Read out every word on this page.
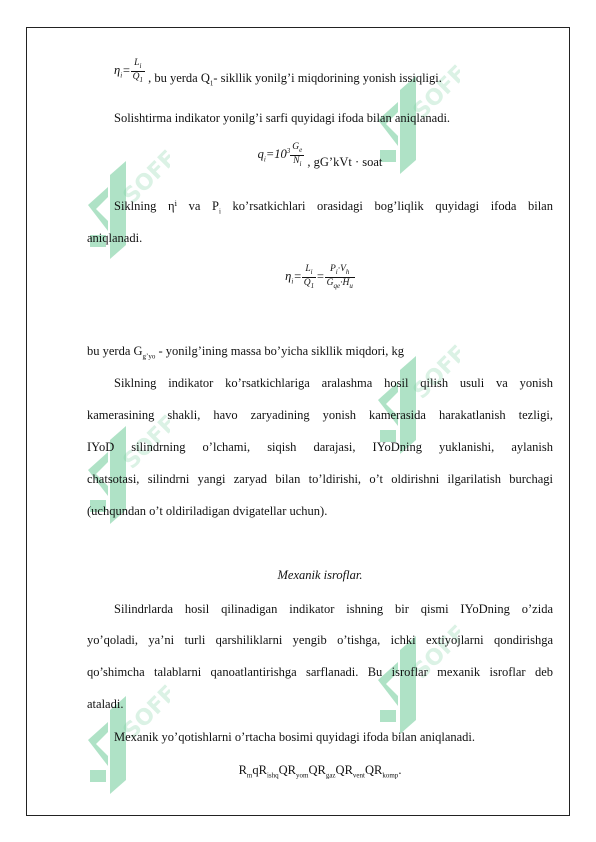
SOFF
SOFF
SOFF
SOFF
SOFF
SOFF
$\eta_i= \frac{L_i}{Q_1}$ , bu yerda $Q_1-$ sikllik yonilg’i miqdorining yonish issiqligi.
Solishtirma indikator yonilg’i sarfi quyidagi ifoda bilan aniqlanadi.
$q_i=10^3 \frac{G_e}{N_i}$ , gG’kVt · soat
Siklning ηⁱ va $P_i$ ko’rsatkichlari orasidagi bog’liqlik quyidagi ifoda bilan
aniqlanadi.
$\eta_i= \frac{L_i}{Q_1} = \frac{P_i\cdot V_h}{G_{qe}\cdot H_u}$
bu yerda $G_{g’yo}$ - yonilg’ining massa bo’yicha sikllik miqdori, kg
Siklning indikator ko’rsatkichlariga aralashma hosil qilish usuli va yonish
kamerasining shakli, havo zaryadining yonish kamerasida harakatlanish tezligi,
IYoD silindrning o’lchami, siqish darajasi, IYoDning yuklanishi, aylanish
chatsotasi, silindrni yangi zaryad bilan to’ldirishi, o’t oldirishni ilgarilatish burchagi
(uchqundan o’t oldiriladigan dvigatellar uchun).
Mexanik isroflar.
Silindrlarda hosil qilinadigan indikator ishning bir qismi IYoDning o’zida
yo’qoladi, ya’ni turli qarshiliklarni yengib o’tishga, ichki extiyojlarni qondirishga
qo’shimcha talablarni qanoatlantirishga sarflanadi. Bu isroflar mexanik isroflar deb
ataladi.
Mexanik yo’qotishlarni o’rtacha bosimi quyidagi ifoda bilan aniqlanadi.
$R_mqR_{ishq}QR_{yom}QR_{gaz}QR_{vent}QR_{komp}$.
